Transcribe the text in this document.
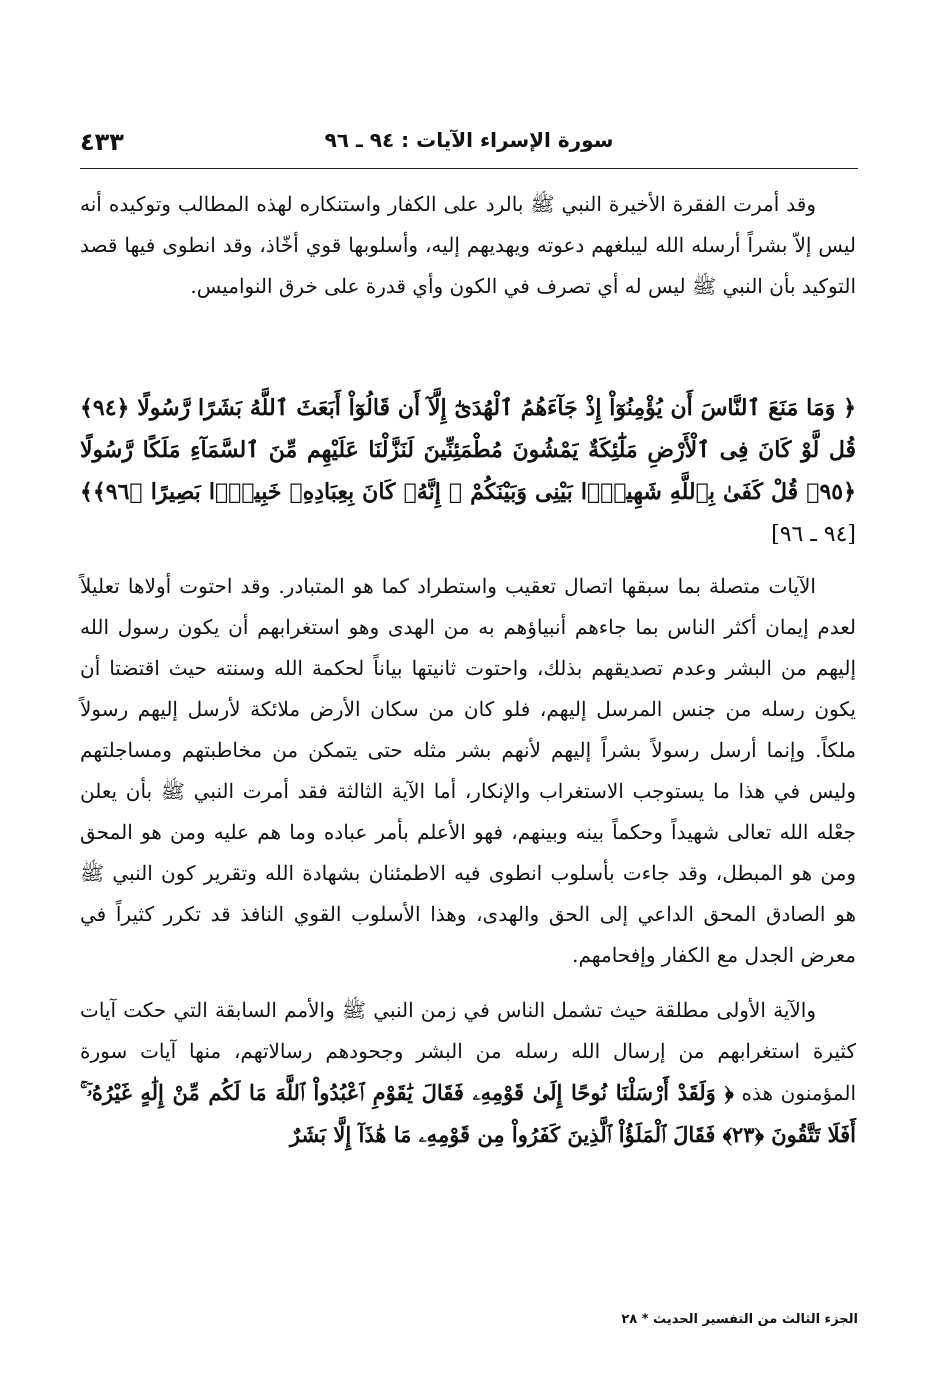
سورة الإسراء الآيات : ٩٤ ـ ٩٦
٤٣٣

وقد أمرت الفقرة الأخيرة النبي ﷺ بالرد على الكفار واستنكاره لهذه المطالب وتوكيده أنه ليس إلاّ بشراً أرسله الله ليبلغهم دعوته ويهديهم إليه، وأسلوبها قوي أخّاذ، وقد انطوى فيها قصد التوكيد بأن النبي ﷺ ليس له أي تصرف في الكون وأي قدرة على خرق النواميس.

﴿ وَمَا مَنَعَ ٱلنَّاسَ أَن يُؤْمِنُوٓاْ إِذْ جَآءَهُمُ ٱلْهُدَىٰٓ إِلَّآ أَن قَالُوٓاْ أَبَعَثَ ٱللَّهُ بَشَرًا رَّسُولًا ﴿٩٤﴾ قُل لَّوْ كَانَ فِى ٱلْأَرْضِ مَلَٰٓئِكَةٌ يَمْشُونَ مُطْمَئِنِّينَ لَنَزَّلْنَا عَلَيْهِم مِّنَ ٱلسَّمَآءِ مَلَكًا رَّسُولًا ﴿٩٥﴾ قُلْ كَفَىٰ بِٱللَّهِ شَهِيدًۢا بَيْنِى وَبَيْنَكُمْ ۚ إِنَّهُۥ كَانَ بِعِبَادِهِۦ خَبِيرًۢا بَصِيرًا ﴿٩٦﴾﴾ [٩٤ ـ ٩٦]

الآيات متصلة بما سبقها اتصال تعقيب واستطراد كما هو المتبادر. وقد احتوت أولاها تعليلاً لعدم إيمان أكثر الناس بما جاءهم أنبياؤهم به من الهدى وهو استغرابهم أن يكون رسول الله إليهم من البشر وعدم تصديقهم بذلك، واحتوت ثانيتها بياناً لحكمة الله وسنته حيث اقتضتا أن يكون رسله من جنس المرسل إليهم، فلو كان من سكان الأرض ملائكة لأرسل إليهم رسولاً ملكاً. وإنما أرسل رسولاً بشراً إليهم لأنهم بشر مثله حتى يتمكن من مخاطبتهم ومساجلتهم وليس في هذا ما يستوجب الاستغراب والإنكار، أما الآية الثالثة فقد أمرت النبي ﷺ بأن يعلن جعْله الله تعالى شهيداً وحكماً بينه وبينهم، فهو الأعلم بأمر عباده وما هم عليه ومن هو المحق ومن هو المبطل، وقد جاءت بأسلوب انطوى فيه الاطمئنان بشهادة الله وتقرير كون النبي ﷺ هو الصادق المحق الداعي إلى الحق والهدى، وهذا الأسلوب القوي النافذ قد تكرر كثيراً في معرض الجدل مع الكفار وإفحامهم.

والآية الأولى مطلقة حيث تشمل الناس في زمن النبي ﷺ والأمم السابقة التي حكت آيات كثيرة استغرابهم من إرسال الله رسله من البشر وجحودهم رسالاتهم، منها آيات سورة المؤمنون هذه ﴿ وَلَقَدْ أَرْسَلْنَا نُوحًا إِلَىٰ قَوْمِهِۦ فَقَالَ يَٰقَوْمِ ٱعْبُدُواْ ٱللَّهَ مَا لَكُم مِّنْ إِلَٰهٍ غَيْرُهُۥٓ ۚ أَفَلَا تَتَّقُونَ ﴿٢٣﴾ فَقَالَ ٱلْمَلَؤُاْ ٱلَّذِينَ كَفَرُواْ مِن قَوْمِهِۦ مَا هَٰذَآ إِلَّا بَشَرٌ

الجزء الثالث من التفسير الحديث * ٢٨
